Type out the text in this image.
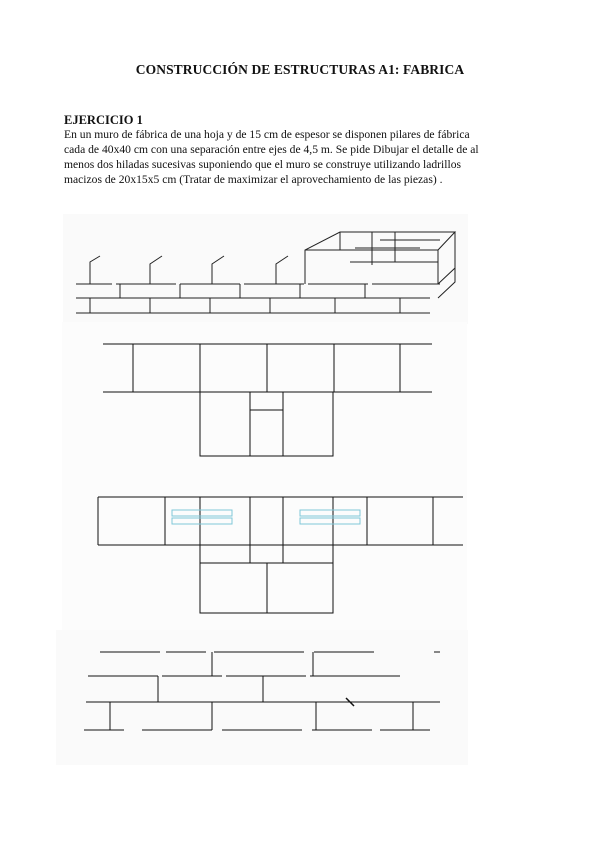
CONSTRUCCIÓN DE ESTRUCTURAS A1: FABRICA
EJERCICIO 1
En un muro de fábrica de una hoja y de 15 cm de espesor se disponen pilares de fábrica
cada de 40x40 cm con una separación entre ejes de 4,5 m. Se pide Dibujar el detalle de al
menos dos hiladas sucesivas suponiendo que el muro se construye utilizando ladrillos
macizos de 20x15x5 cm (Tratar de maximizar el aprovechamiento de las piezas) .
